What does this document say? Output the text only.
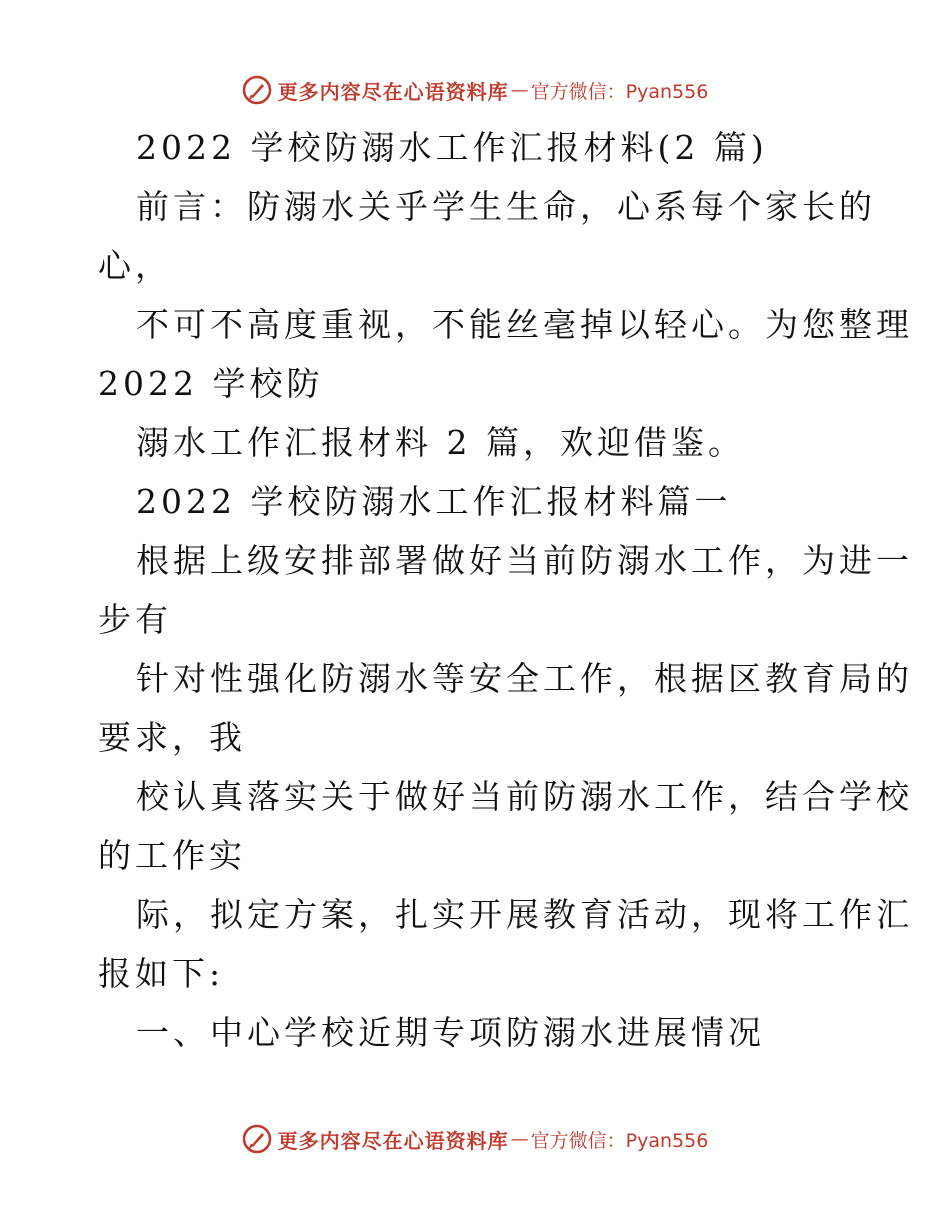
更多内容尽在心语资料库 — 官方微信：Pyan556
2022 学校防溺水工作汇报材料(2 篇)
前言：防溺水关乎学生生命，心系每个家长的
心，
不可不高度重视，不能丝毫掉以轻心。为您整理
2022 学校防
溺水工作汇报材料 2 篇，欢迎借鉴。
2022 学校防溺水工作汇报材料篇一
根据上级安排部署做好当前防溺水工作，为进一
步有
针对性强化防溺水等安全工作，根据区教育局的
要求，我
校认真落实关于做好当前防溺水工作，结合学校
的工作实
际，拟定方案，扎实开展教育活动，现将工作汇
报如下:
一、中心学校近期专项防溺水进展情况
更多内容尽在心语资料库 — 官方微信：Pyan556
